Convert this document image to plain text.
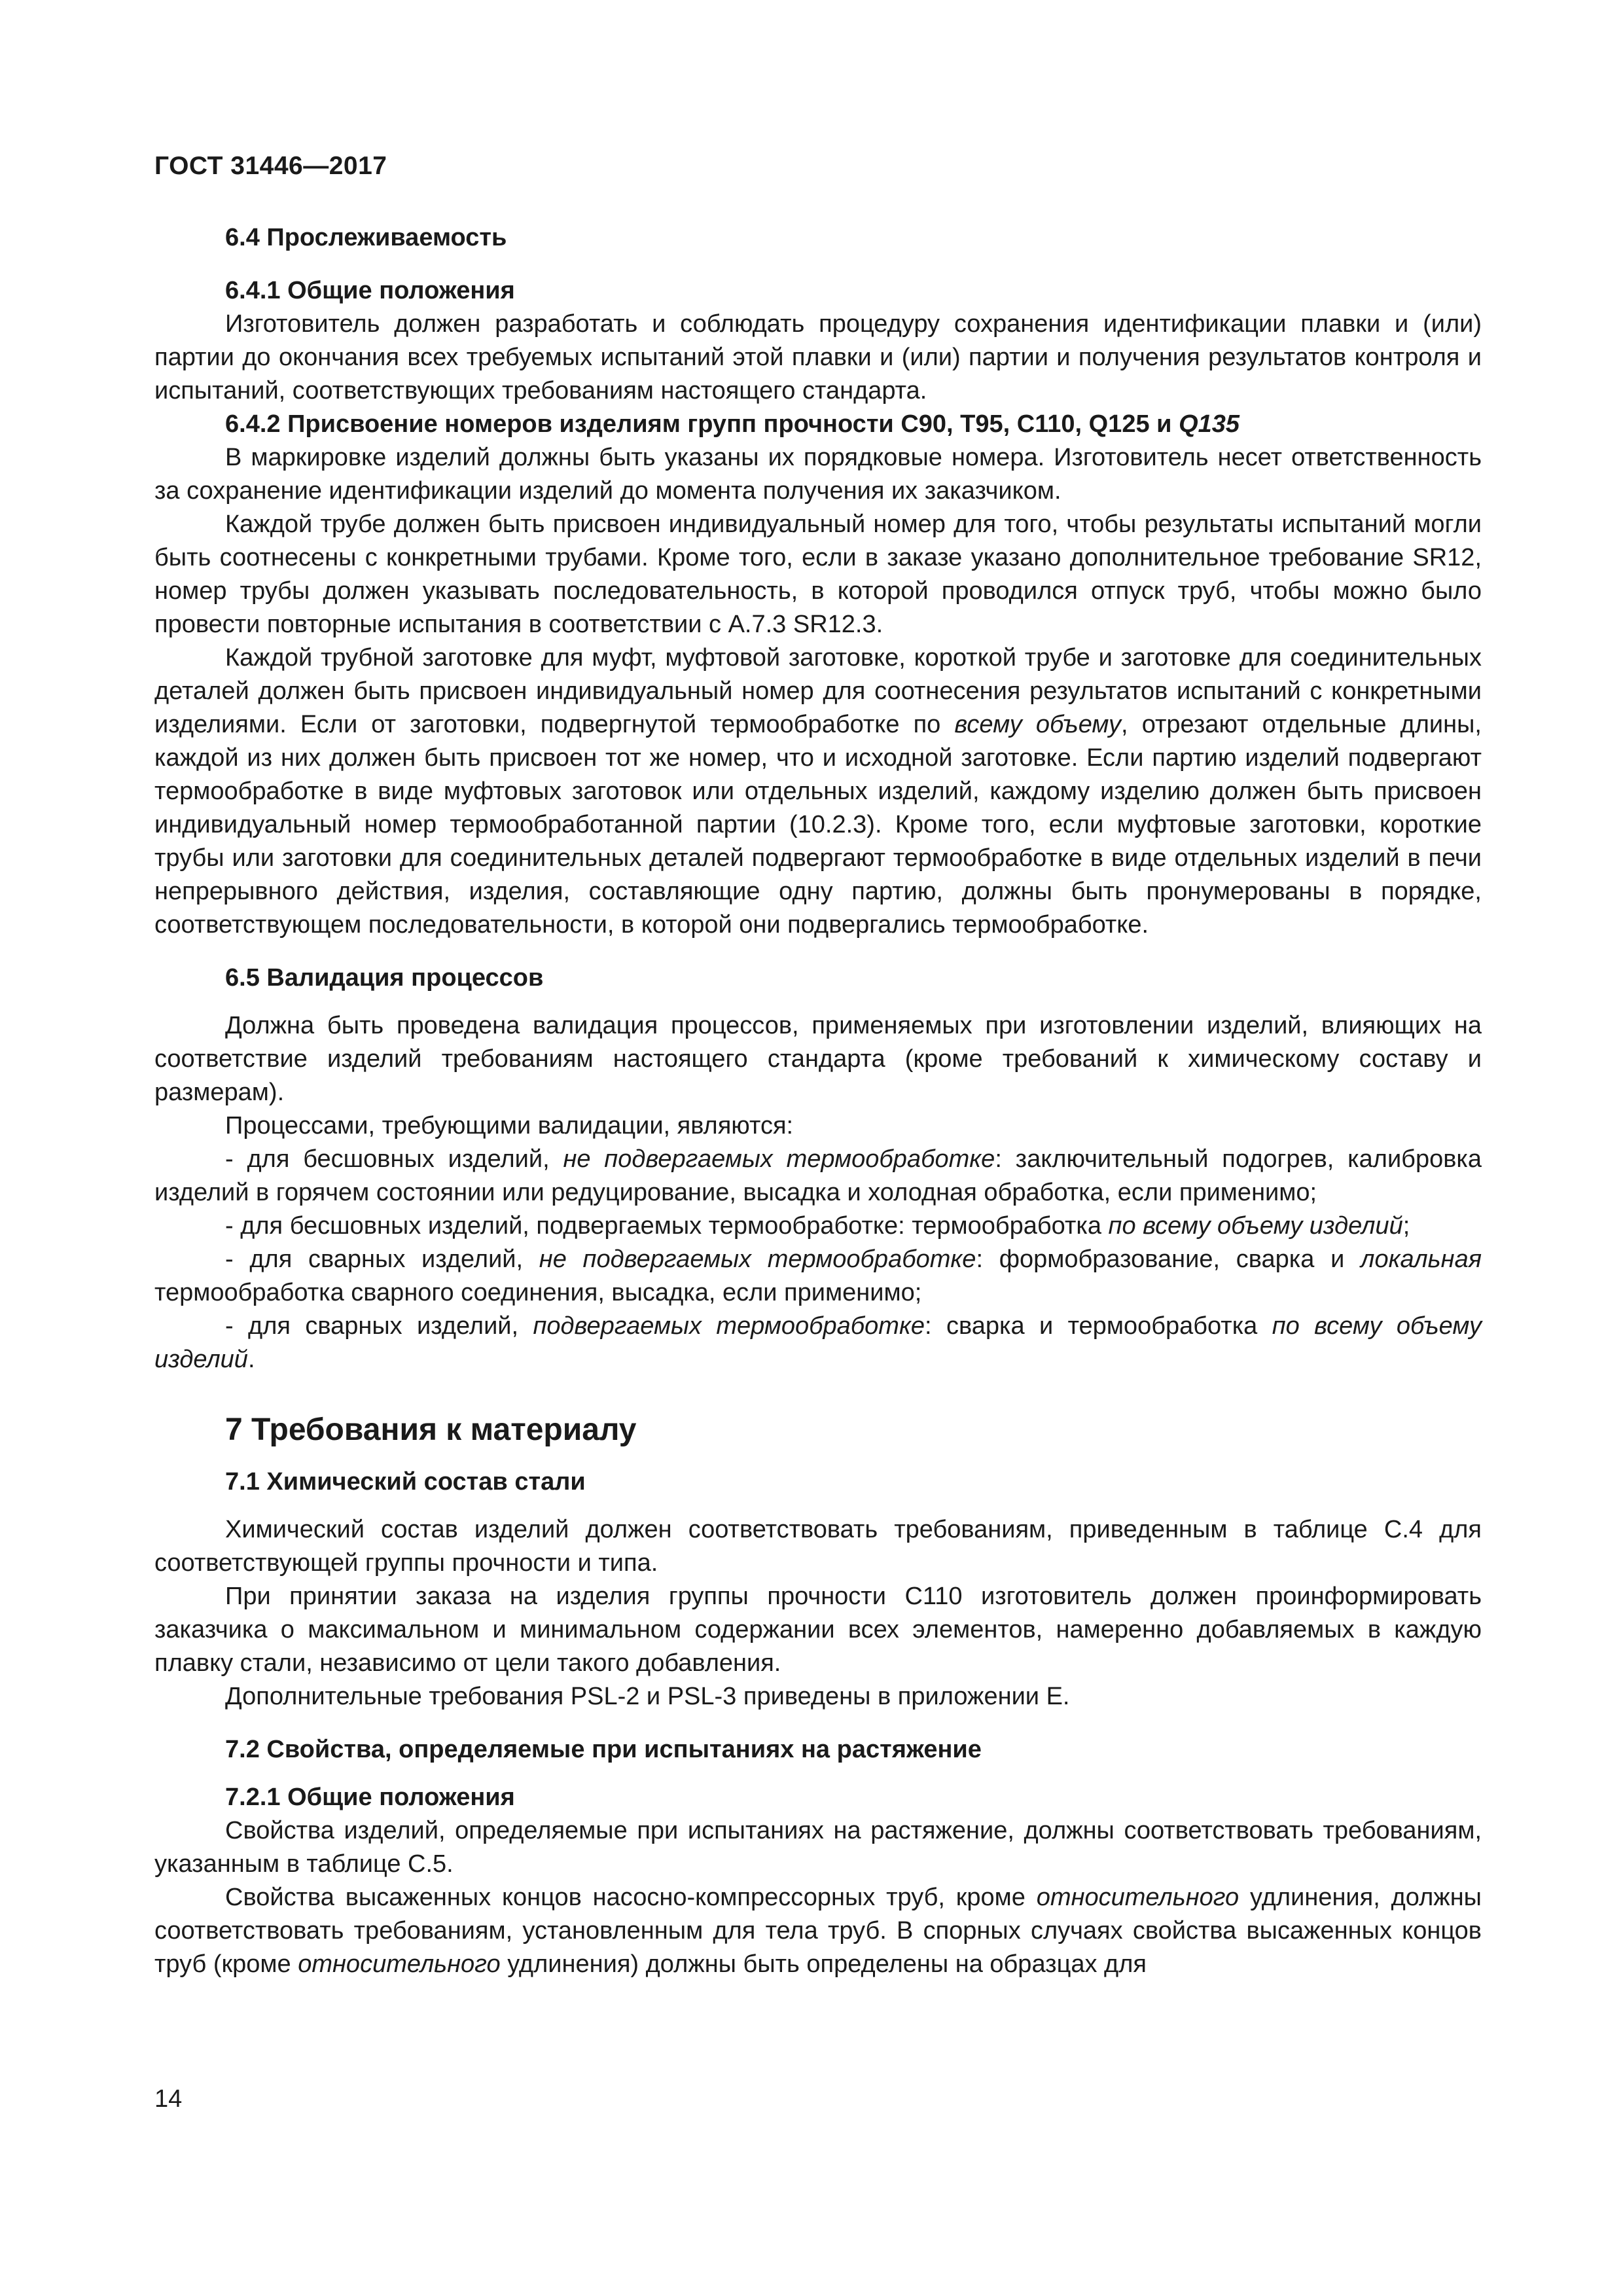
ГОСТ 31446—2017
6.4 Прослеживаемость
6.4.1 Общие положения

Изготовитель должен разработать и соблюдать процедуру сохранения идентификации плавки и (или) партии до окончания всех требуемых испытаний этой плавки и (или) партии и получения результатов контроля и испытаний, соответствующих требованиям настоящего стандарта.

6.4.2 Присвоение номеров изделиям групп прочности С90, Т95, С110, Q125 и Q135

В маркировке изделий должны быть указаны их порядковые номера. Изготовитель несет ответственность за сохранение идентификации изделий до момента получения их заказчиком.

Каждой трубе должен быть присвоен индивидуальный номер для того, чтобы результаты испытаний могли быть соотнесены с конкретными трубами. Кроме того, если в заказе указано дополнительное требование SR12, номер трубы должен указывать последовательность, в которой проводился отпуск труб, чтобы можно было провести повторные испытания в соответствии с А.7.3 SR12.3.

Каждой трубной заготовке для муфт, муфтовой заготовке, короткой трубе и заготовке для соединительных деталей должен быть присвоен индивидуальный номер для соотнесения результатов испытаний с конкретными изделиями. Если от заготовки, подвергнутой термообработке по всему объему, отрезают отдельные длины, каждой из них должен быть присвоен тот же номер, что и исходной заготовке. Если партию изделий подвергают термообработке в виде муфтовых заготовок или отдельных изделий, каждому изделию должен быть присвоен индивидуальный номер термообработанной партии (10.2.3). Кроме того, если муфтовые заготовки, короткие трубы или заготовки для соединительных деталей подвергают термообработке в виде отдельных изделий в печи непрерывного действия, изделия, составляющие одну партию, должны быть пронумерованы в порядке, соответствующем последовательности, в которой они подвергались термообработке.

6.5 Валидация процессов

Должна быть проведена валидация процессов, применяемых при изготовлении изделий, влияющих на соответствие изделий требованиям настоящего стандарта (кроме требований к химическому составу и размерам).

Процессами, требующими валидации, являются:

- для бесшовных изделий, не подвергаемых термообработке: заключительный подогрев, калибровка изделий в горячем состоянии или редуцирование, высадка и холодная обработка, если применимо;

- для бесшовных изделий, подвергаемых термообработке: термообработка по всему объему изделий;

- для сварных изделий, не подвергаемых термообработке: формобразование, сварка и локальная термообработка сварного соединения, высадка, если применимо;

- для сварных изделий, подвергаемых термообработке: сварка и термообработка по всему объему изделий.

7 Требования к материалу
7.1 Химический состав стали

Химический состав изделий должен соответствовать требованиям, приведенным в таблице С.4 для соответствующей группы прочности и типа.

При принятии заказа на изделия группы прочности С110 изготовитель должен проинформировать заказчика о максимальном и минимальном содержании всех элементов, намеренно добавляемых в каждую плавку стали, независимо от цели такого добавления.

Дополнительные требования PSL-2 и PSL-3 приведены в приложении Е.

7.2 Свойства, определяемые при испытаниях на растяжение
7.2.1 Общие положения

Свойства изделий, определяемые при испытаниях на растяжение, должны соответствовать требованиям, указанным в таблице С.5.

Свойства высаженных концов насосно-компрессорных труб, кроме относительного удлинения, должны соответствовать требованиям, установленным для тела труб. В спорных случаях свойства высаженных концов труб (кроме относительного удлинения) должны быть определены на образцах для

14
